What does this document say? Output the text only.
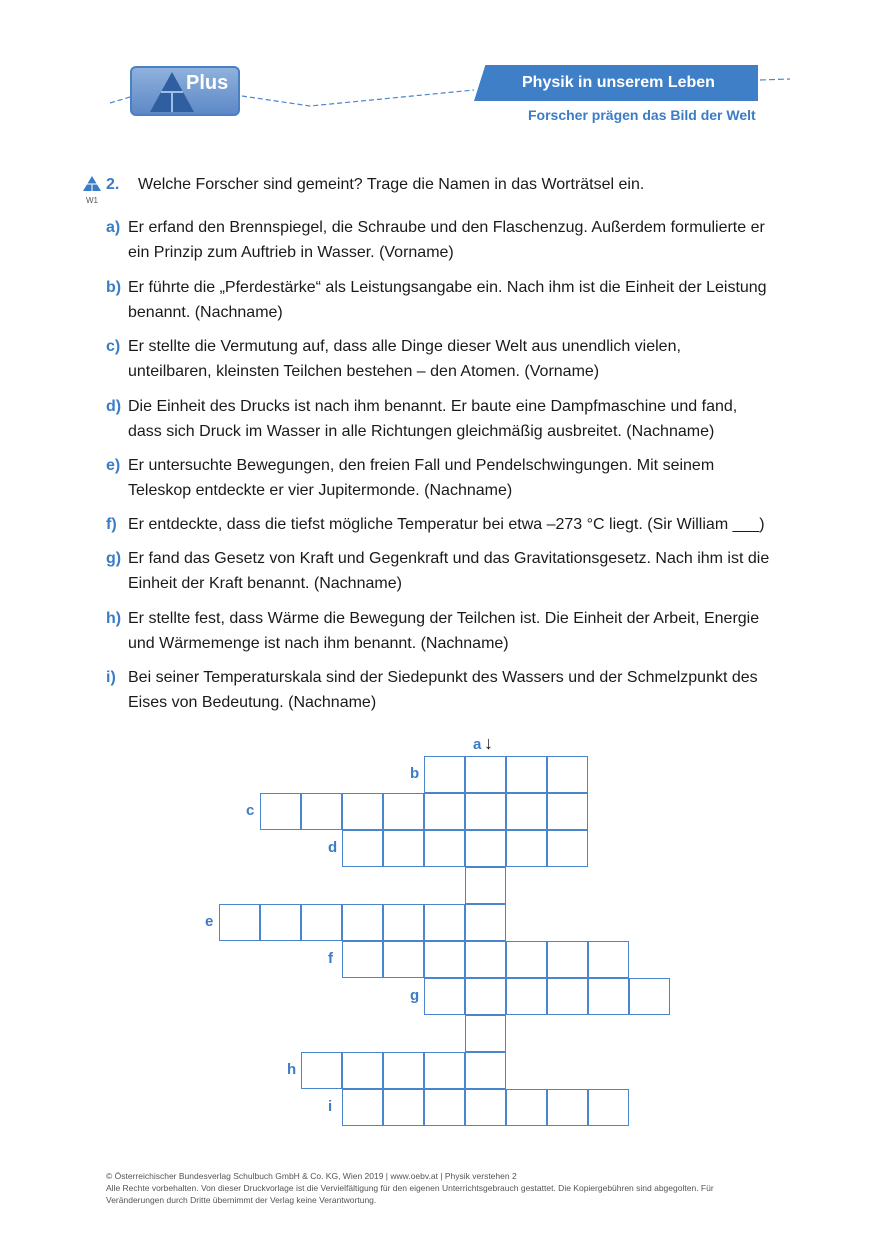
Plus	Physik in unserem Leben
Forscher prägen das Bild der Welt
W1
2. Welche Forscher sind gemeint? Trage die Namen in das Worträtsel ein.
a) Er erfand den Brennspiegel, die Schraube und den Flaschenzug. Außerdem formulierte er
ein Prinzip zum Auftrieb in Wasser. (Vorname)
b) Er führte die „Pferdestärke“ als Leistungsangabe ein. Nach ihm ist die Einheit der Leistung
benannt. (Nachname)
c) Er stellte die Vermutung auf, dass alle Dinge dieser Welt aus unendlich vielen,
unteilbaren, kleinsten Teilchen bestehen – den Atomen. (Vorname)
d) Die Einheit des Drucks ist nach ihm benannt. Er baute eine Dampfmaschine und fand,
dass sich Druck im Wasser in alle Richtungen gleichmäßig ausbreitet. (Nachname)
e) Er untersuchte Bewegungen, den freien Fall und Pendelschwingungen. Mit seinem
Teleskop entdeckte er vier Jupitermonde. (Nachname)
f) Er entdeckte, dass die tiefst mögliche Temperatur bei etwa –273 °C liegt. (Sir William ___)
g) Er fand das Gesetz von Kraft und Gegenkraft und das Gravitationsgesetz. Nach ihm ist die
Einheit der Kraft benannt. (Nachname)
h) Er stellte fest, dass Wärme die Bewegung der Teilchen ist. Die Einheit der Arbeit, Energie
und Wärmemenge ist nach ihm benannt. (Nachname)
i) Bei seiner Temperaturskala sind der Siedepunkt des Wassers und der Schmelzpunkt des
Eises von Bedeutung. (Nachname)
b
c
d
e
f
g
h
i
a ↓
© Österreichischer Bundesverlag Schulbuch GmbH & Co. KG, Wien 2019 | www.oebv.at | Physik verstehen 2
Alle Rechte vorbehalten. Von dieser Druckvorlage ist die Vervielfältigung für den eigenen Unterrichtsgebrauch gestattet. Die Kopiergebühren sind abgegolten. Für
Veränderungen durch Dritte übernimmt der Verlag keine Verantwortung.
